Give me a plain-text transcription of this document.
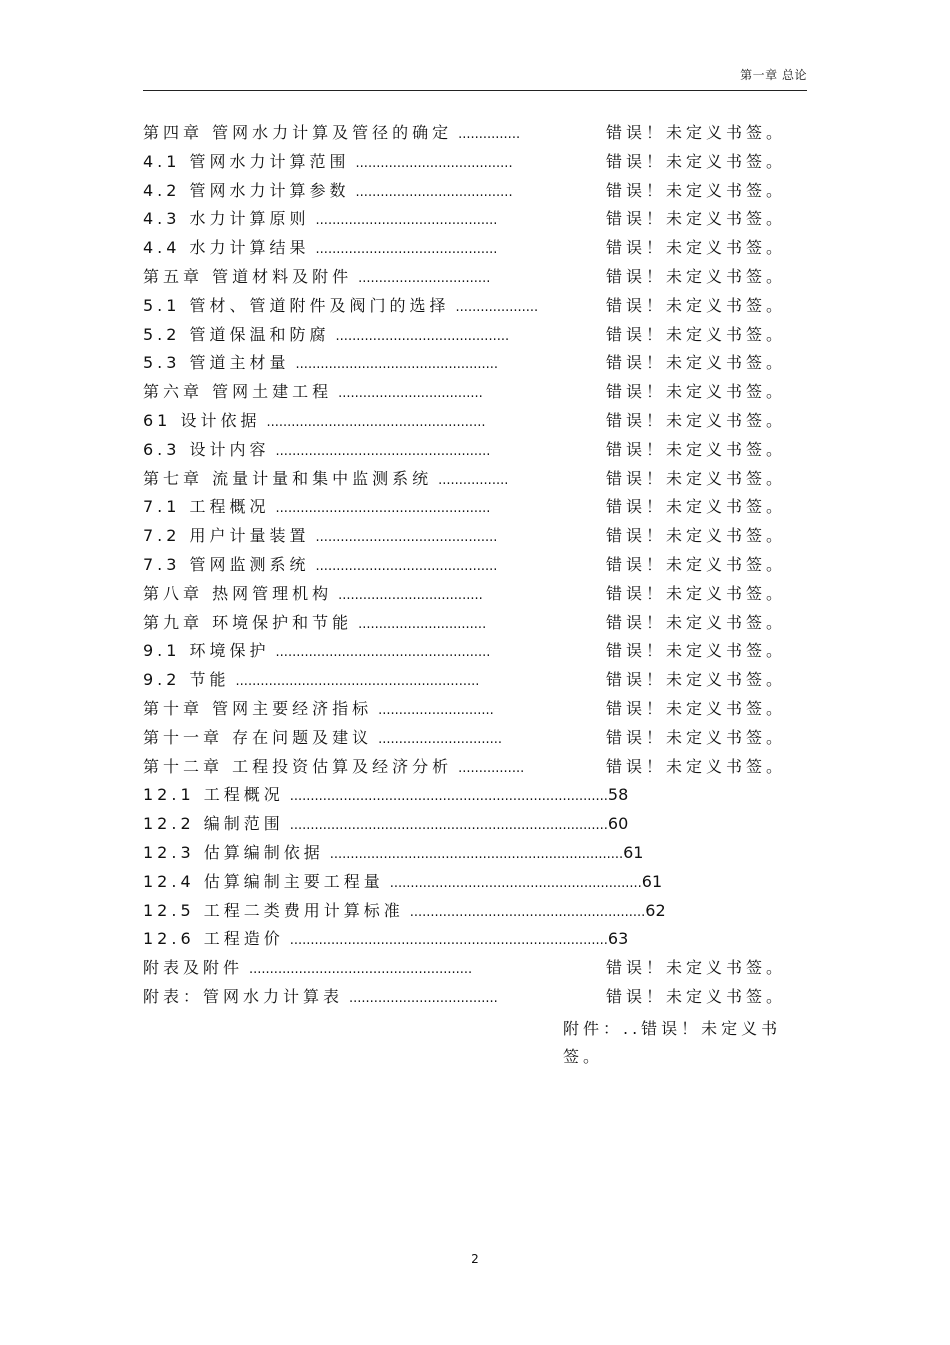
第一章 总论
第四章 管网水力计算及管径的确定 ...............	错误！未定义书签。
4.1 管网水力计算范围 ......................................	错误！未定义书签。
4.2 管网水力计算参数 ......................................	错误！未定义书签。
4.3 水力计算原则 ............................................	错误！未定义书签。
4.4 水力计算结果 ............................................	错误！未定义书签。
第五章 管道材料及附件 ................................	错误！未定义书签。
5.1 管材、管道附件及阀门的选择 ....................	错误！未定义书签。
5.2 管道保温和防腐 ..........................................	错误！未定义书签。
5.3 管道主材量 .................................................	错误！未定义书签。
第六章 管网土建工程 ...................................	错误！未定义书签。
61 设计依据 .....................................................	错误！未定义书签。
6.3 设计内容 ....................................................	错误！未定义书签。
第七章 流量计量和集中监测系统 .................	错误！未定义书签。
7.1 工程概况 ....................................................	错误！未定义书签。
7.2 用户计量装置 ............................................	错误！未定义书签。
7.3 管网监测系统 ............................................	错误！未定义书签。
第八章 热网管理机构 ...................................	错误！未定义书签。
第九章 环境保护和节能 ...............................	错误！未定义书签。
9.1 环境保护 ....................................................	错误！未定义书签。
9.2 节能 ...........................................................	错误！未定义书签。
第十章 管网主要经济指标 ............................	错误！未定义书签。
第十一章 存在问题及建议 ..............................	错误！未定义书签。
第十二章 工程投资估算及经济分析 ................	错误！未定义书签。
12.1 工程概况 ............................................................................. 58
12.2 编制范围 ............................................................................. 60
12.3 估算编制依据 ....................................................................... 61
12.4 估算编制主要工程量 ............................................................. 61
12.5 工程二类费用计算标准 ......................................................... 62
12.6 工程造价 ............................................................................. 63
附表及附件 ......................................................	错误！未定义书签。
附表：管网水力计算表 ....................................	错误！未定义书签。
附件：..错误！未定义书签。
2
